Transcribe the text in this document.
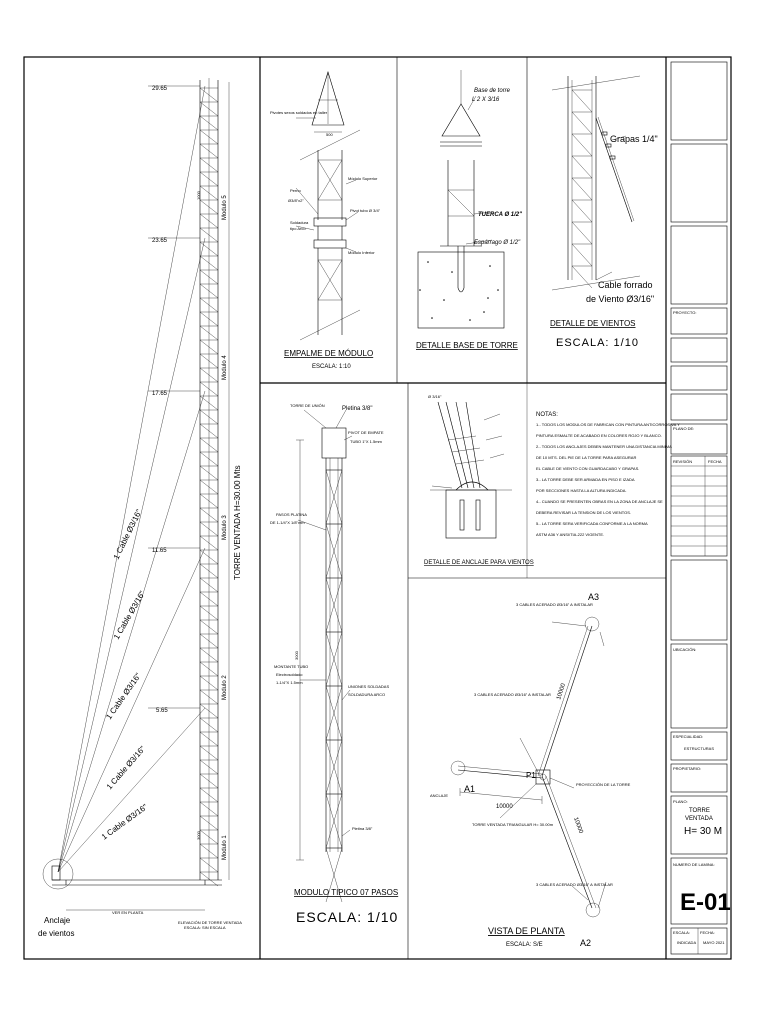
29.65
23.65
17.65
11.65
5.65
TORRE VENTADA H=30.00 Mts
Modulo 1
Modulo 2
Modulo 3
Modulo 4
Modulo 5
1 Cable Ø3/16"
1 Cable Ø3/16"
1 Cable Ø3/16"
1 Cable Ø3/16"
1 Cable Ø3/16"
1000
3000
Anclaje
de vientos
VER EN PLANTA
ELEVACIÓN DE TORRE VENTADA
ESCALA: SIN ESCALA
Pivotes sexos soldados en taller
500
Módulo Superior
Perno
Ø3/8"x2"
Pivot tubo Ø 3/4"
Soldadura
tipo Arco
Módulo Inferior
EMPALME DE MÓDULO
ESCALA: 1:10
Base de torre
L 2 X 3/16
TUERCA Ø 1/2"
Espárrago Ø 1/2"
DETALLE BASE DE TORRE
Grapas 1/4"
Cable forrado
de Viento Ø3/16"
DETALLE DE VIENTOS
ESCALA: 1/10
TORRE DE UNIÓN
Pletina 3/8"
PIVOT DE EMPATE
TUBO 1"X 1.5mm
PASOS PLATINA
DE 1-1/4"X 1/8"mm
MONTANTE TUBO
Electrosoldado
1-1/4"X 1.5mm
UNIONES SOLDADAS
SOLDADURA ARCO
Pletina 3/8"
3000
MODULO TIPICO 07 PASOS
ESCALA: 1/10
Ø 3/16"
DETALLE DE ANCLAJE PARA VIENTOS
NOTAS:
1.- TODOS LOS MODULOS DE FABRICAN CON PINTURA ANTICORROSIVA Y
PINTURA ESMALTE DE ACABADO EN COLORES ROJO Y BLANCO.
2.- TODOS LOS ANCLAJES DEBEN MANTENER UNA DISTANCIA MINIMA
DE 10 MTS. DEL PIE DE LA TORRE PARA ASEGURAR
EL CABLE DE VIENTO CON GUARDACABO Y GRAPAS.
3.- LA TORRE DEBE SER ARMADA EN PISO E IZADA
POR SECCIONES HASTA LA ALTURA INDICADA.
4.- CUANDO SE PRESENTEN OBRAS EN LA ZONA DE ANCLAJE SE
DEBERA REVISAR LA TENSION DE LOS VIENTOS.
5.- LA TORRE SERA VERIFICADA CONFORME A LA NORMA
ASTM A36 Y ANSI/TIA-222 VIGENTE.
A3
A1
A2
P1
3 CABLES ACERADO Ø3/16" A INSTALAR
3 CABLES ACERADO Ø3/16" A INSTALAR
3 CABLES ACERADO Ø3/16" A INSTALAR
ANCLAJE
10000
10000
10000
PROYECCIÓN DE LA TORRE
TORRE VENTADA TRIANGULAR H= 30.00m
VISTA DE PLANTA
ESCALA: S/E
PROYECTO:
PLANO DE:
REVISIÓN	FECHA
UBICACIÓN:
ESPECIALIDAD:
ESTRUCTURAS
PROPIETARIO:
PLANO:
TORRE
VENTADA
H= 30 M
NUMERO DE LAMINA:
E-01
ESCALA:
INDICADA
FECHA:
MAYO 2021
